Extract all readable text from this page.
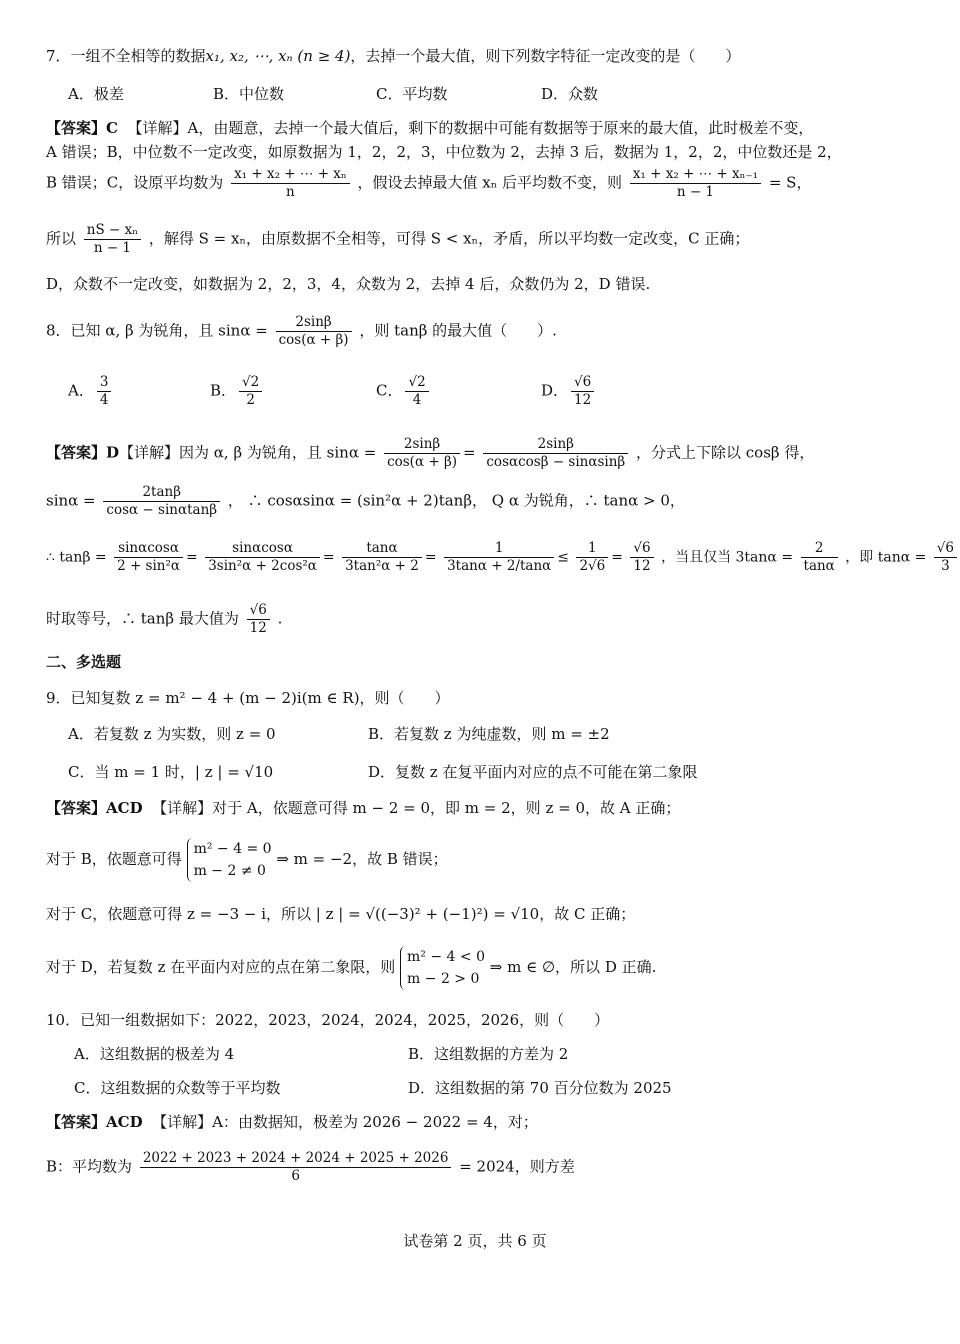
7．一组不全相等的数据x₁, x₂, ⋯, xₙ (n ≥ 4)，去掉一个最大值，则下列数字特征一定改变的是（　　）
A．极差	B．中位数	C．平均数	D．众数
【答案】C 【详解】A，由题意，去掉一个最大值后，剩下的数据中可能有数据等于原来的最大值，此时极差不变，
A 错误；B，中位数不一定改变，如原数据为 1，2，2，3，中位数为 2，去掉 3 后，数据为 1，2，2，中位数还是 2，
B 错误；C，设原平均数为 $\frac{\text{x₁ + x₂ + ⋯ + xₙ}}{n}$ ，假设去掉最大值 xₙ 后平均数不变，则 $\frac{\text{x₁ + x₂ + ⋯ + xₙ₋₁}}{n - 1} = S$，
所以 $\frac{\text{nS − xₙ}}{n - 1}$ ，解得 S = xₙ，由原数据不全相等，可得 S < xₙ，矛盾，所以平均数一定改变，C 正确；
D，众数不一定改变，如数据为 2，2，3，4，众数为 2，去掉 4 后，众数仍为 2，D 错误.
8．已知 α, β 为锐角，且 $\sin\alpha = \frac{2\sin\beta}{\cos(\alpha + \beta)}$ ，则 tanβ 的最大值（　　）.
A． $\frac{3}{4}$	B． $\frac{√2}{2}$	C． $\frac{√2}{4}$	D． $\frac{√6}{12}$
【答案】D【详解】因为 α, β 为锐角，且 $\sin\alpha = \frac{2\sin\beta}{\cos(\alpha + \beta)} = \frac{2\sin\beta}{\cos\alpha\cos\beta - \sin\alpha\sin\beta}$ ，分式上下除以 cosβ 得，
$\sin\alpha = \frac{2\tan\beta}{\cos\alpha - \sin\alpha\tan\beta}$ ， ∴ cosαsinα = (sin²α + 2)tanβ， Q α 为锐角，∴ tanα > 0，
∴ $\tan\beta = \frac{\sin\alpha\cos\alpha}{\text{2 + sin²α}} = \frac{\sin\alpha\cos\alpha}{\text{3sin²α + 2cos²α}} = \frac{\tan\alpha}{\text{3tan²α + 2}} = \frac{1}{3\tan\alpha + 2/\tan\alpha} \le \frac{1}{2√6} = \frac{√6}{12}$ ，当且仅当 $3\tan\alpha = \frac{2}{\tan\alpha}$ ，即 $\tan\alpha = \frac{√6}{3}$
时取等号，∴ tanβ 最大值为 $\frac{√6}{12}$ .
二、多选题
9．已知复数 z = m² − 4 + (m − 2)i(m ∈ R)，则（　　）
A．若复数 z 为实数，则 z = 0	B．若复数 z 为纯虚数，则 m = ±2
C．当 m = 1 时，| z | = √10	D．复数 z 在复平面内对应的点不可能在第二象限
【答案】ACD 【详解】对于 A，依题意可得 m − 2 = 0，即 m = 2，则 z = 0，故 A 正确；
对于 B，依题意可得
m² − 4 = 0
m − 2 ≠ 0
⇒ m = −2，故 B 错误；
对于 C，依题意可得 z = −3 − i，所以 | z | = √((−3)² + (−1)²) = √10，故 C 正确；
对于 D，若复数 z 在平面内对应的点在第二象限，则
m² − 4 < 0
m − 2 > 0
⇒ m ∈ ∅，所以 D 正确.
10．已知一组数据如下：2022，2023，2024，2024，2025，2026，则（　　）
A．这组数据的极差为 4	B．这组数据的方差为 2
C．这组数据的众数等于平均数	D．这组数据的第 70 百分位数为 2025
【答案】ACD 【详解】A：由数据知，极差为 2026 − 2022 = 4，对；
B：平均数为 $\frac{2022 + 2023 + 2024 + 2024 + 2025 + 2026}{6} = 2024$，则方差
试卷第 2 页，共 6 页
